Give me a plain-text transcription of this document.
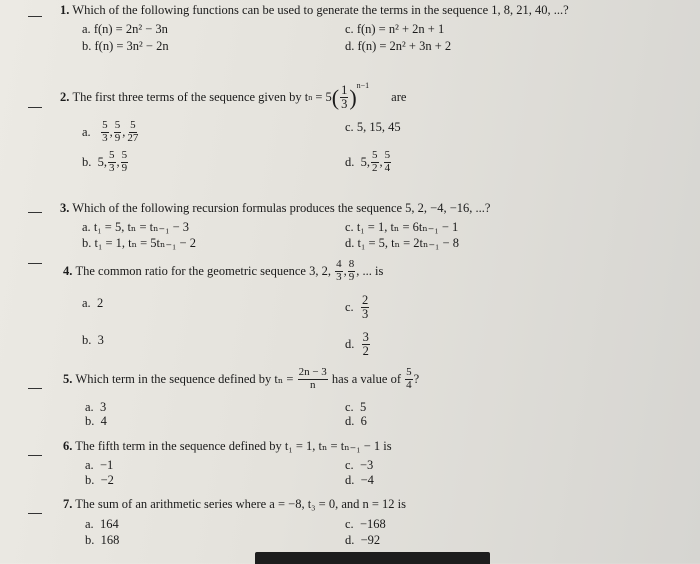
1. Which of the following functions can be used to generate the terms in the sequence 1, 8, 21, 40, ...?
a. f(n) = 2n² − 3n
b. f(n) = 3n² − 2n
c. f(n) = n² + 2n + 1
d. f(n) = 2n² + 3n + 2
2.
The first three terms of the sequence given by t n
= 5 ( $\frac{1}{3} )^{n-1}$
are
a.
$\frac{5}{3}$ , $\frac{5}{9}$ , $\frac{5}{27}$
b.
5, $\frac{5}{3}$ , $\frac{5}{9}$
c. 5, 15, 45
d.
5, $\frac{5}{2}$ , $\frac{5}{4}$
3. Which of the following recursion formulas produces the sequence 5, 2, −4, −16, ...?
a. t₁ = 5, tₙ = tₙ₋₁ − 3
b. t₁ = 1, tₙ = 5tₙ₋₁ − 2
c. t₁ = 1, tₙ = 6tₙ₋₁ − 1
d. t₁ = 5, tₙ = 2tₙ₋₁ − 8
4.
The common ratio for the geometric sequence 3, 2,
$\frac{4}{3}$ , $\frac{8}{9}$ , ... is
a. 2
b. 3
c.
$\frac{2}{3}$
d.
$\frac{3}{2}$
5.
Which term in the sequence defined by tₙ =
$\frac{2n - 3}{n}$
has a value of
$\frac{5}{4}$ ?
a. 3
b. 4
c. 5
d. 6
6. The fifth term in the sequence defined by t₁ = 1, tₙ = tₙ₋₁ − 1 is
a. −1
b. −2
c. −3
d. −4
7. The sum of an arithmetic series where a = −8, t₃ = 0, and n = 12 is
a. 164
b. 168
c. −168
d. −92
